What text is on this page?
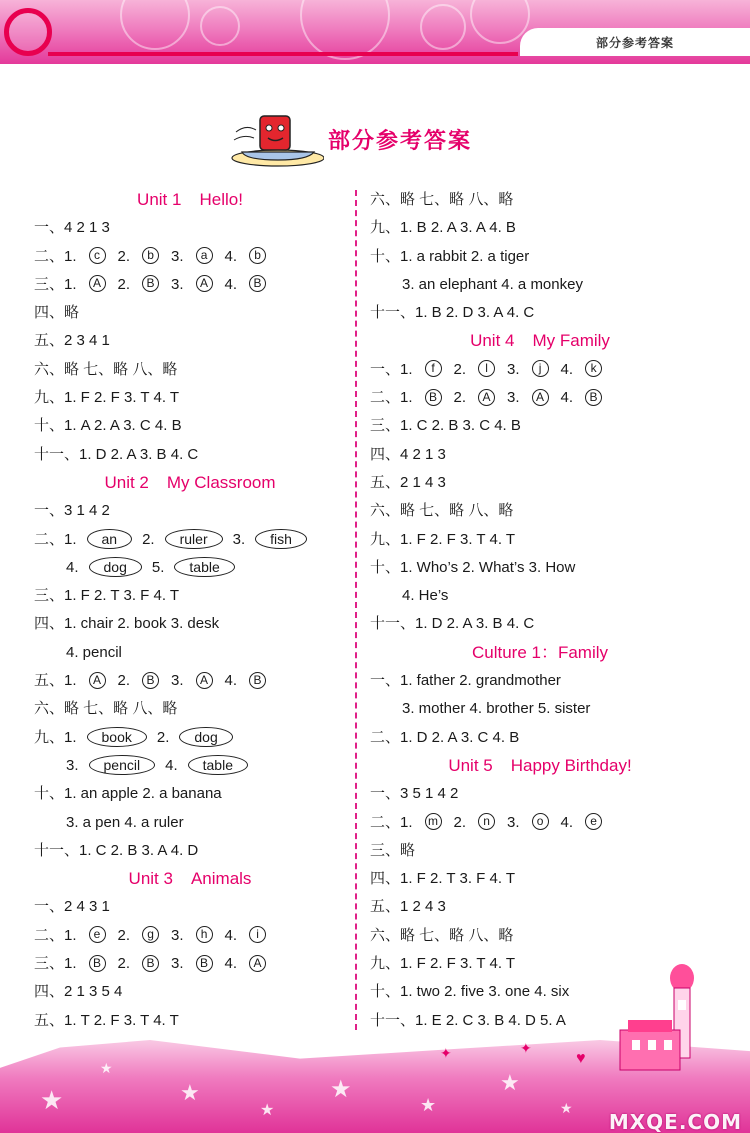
部分参考答案
部分参考答案
Unit 1 Hello!
一、4 2 1 3
二、1. c 2. b 3. a 4. b
三、1. A 2. B 3. A 4. B
四、略
五、2 3 4 1
六、略 七、略 八、略
九、1. F 2. F 3. T 4. T
十、1. A 2. A 3. C 4. B
十一、1. D 2. A 3. B 4. C
Unit 2 My Classroom
一、3 1 4 2
二、1. an 2. ruler 3. fish
4. dog 5. table
三、1. F 2. T 3. F 4. T
四、1. chair 2. book 3. desk
4. pencil
五、1. A 2. B 3. A 4. B
六、略 七、略 八、略
九、1. book 2. dog
3. pencil 4. table
十、1. an apple 2. a banana
3. a pen 4. a ruler
十一、1. C 2. B 3. A 4. D
Unit 3 Animals
一、2 4 3 1
二、1. e 2. g 3. h 4. i
三、1. B 2. B 3. B 4. A
四、2 1 3 5 4
五、1. T 2. F 3. T 4. T
六、略 七、略 八、略
九、1. B 2. A 3. A 4. B
十、1. a rabbit 2. a tiger
3. an elephant 4. a monkey
十一、1. B 2. D 3. A 4. C
Unit 4 My Family
一、1. f 2. l 3. j 4. k
二、1. B 2. A 3. A 4. B
三、1. C 2. B 3. C 4. B
四、4 2 1 3
五、2 1 4 3
六、略 七、略 八、略
九、1. F 2. F 3. T 4. T
十、1. Who’s 2. What’s 3. How
4. He’s
十一、1. D 2. A 3. B 4. C
Culture 1：Family
一、1. father 2. grandmother
3. mother 4. brother 5. sister
二、1. D 2. A 3. C 4. B
Unit 5 Happy Birthday!
一、3 5 1 4 2
二、1. m 2. n 3. o 4. e
三、略
四、1. F 2. T 3. F 4. T
五、1 2 4 3
六、略 七、略 八、略
九、1. F 2. F 3. T 4. T
十、1. two 2. five 3. one 4. six
十一、1. E 2. C 3. B 4. D 5. A
★
★
★
★
★
★
★
★
✦	✦
♥
MXQE.COM
